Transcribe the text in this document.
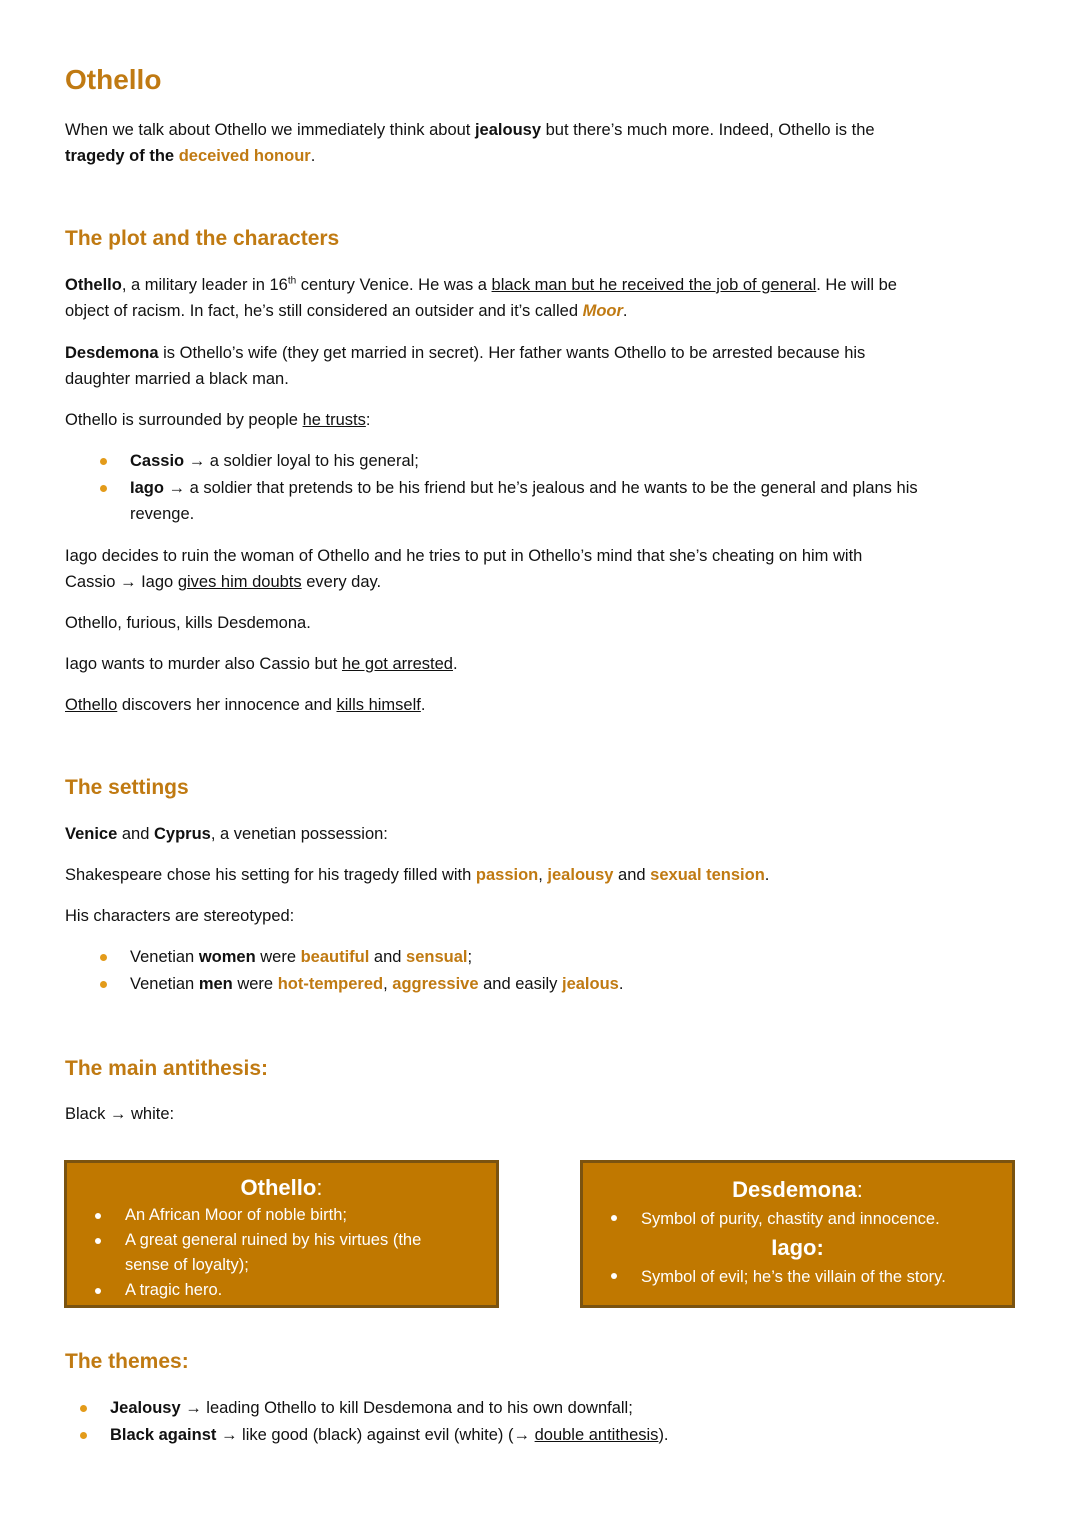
Othello
When we talk about Othello we immediately think about jealousy but there’s much more. Indeed, Othello is the
tragedy of the deceived honour.
The plot and the characters
Othello, a military leader in 16th century Venice. He was a black man but he received the job of general. He will be
object of racism. In fact, he’s still considered an outsider and it’s called Moor.
Desdemona is Othello’s wife (they get married in secret). Her father wants Othello to be arrested because his
daughter married a black man.
Othello is surrounded by people he trusts:
Cassio → a soldier loyal to his general;
Iago → a soldier that pretends to be his friend but he’s jealous and he wants to be the general and plans his
revenge.
Iago decides to ruin the woman of Othello and he tries to put in Othello’s mind that she’s cheating on him with
Cassio → Iago gives him doubts every day.
Othello, furious, kills Desdemona.
Iago wants to murder also Cassio but he got arrested.
Othello discovers her innocence and kills himself.
The settings
Venice and Cyprus, a venetian possession:
Shakespeare chose his setting for his tragedy filled with passion, jealousy and sexual tension.
His characters are stereotyped:
Venetian women were beautiful and sensual;
Venetian men were hot-tempered, aggressive and easily jealous.
The main antithesis:
Black → white:
Othello:
An African Moor of noble birth;
A great general ruined by his virtues (the sense of loyalty);
A tragic hero.
Desdemona:
Symbol of purity, chastity and innocence.
Iago:
Symbol of evil; he’s the villain of the story.
The themes:
Jealousy → leading Othello to kill Desdemona and to his own downfall;
Black against → like good (black) against evil (white) (→ double antithesis).
